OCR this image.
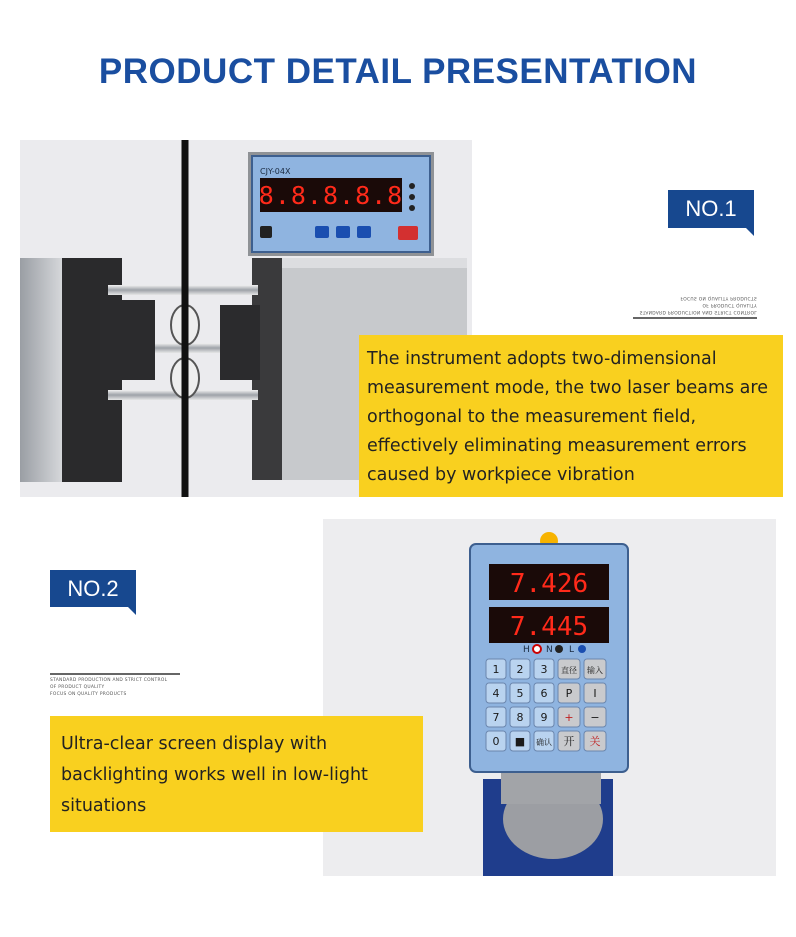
PRODUCT DETAIL PRESENTATION
CJY-04X
8.8.8.8.8	NO.1
STANDARD PRODUCTION AND STRICT CONTROL
OF PRODUCT QUALITY
FOCUS ON QUALITY PRODUCTS
The instrument adopts two-dimensional measurement mode, the two laser beams are orthogonal to the measurement field, effectively eliminating measurement errors caused by workpiece vibration
7.426
7.445
H N L
1 2 3 直径 输入
4 5 6 P I
7 8 9 + −
0 ■ 确认 开 关
NO.2
STANDARD PRODUCTION AND STRICT CONTROL
OF PRODUCT QUALITY
FOCUS ON QUALITY PRODUCTS
Ultra-clear screen display with backlighting works well in low-light situations
